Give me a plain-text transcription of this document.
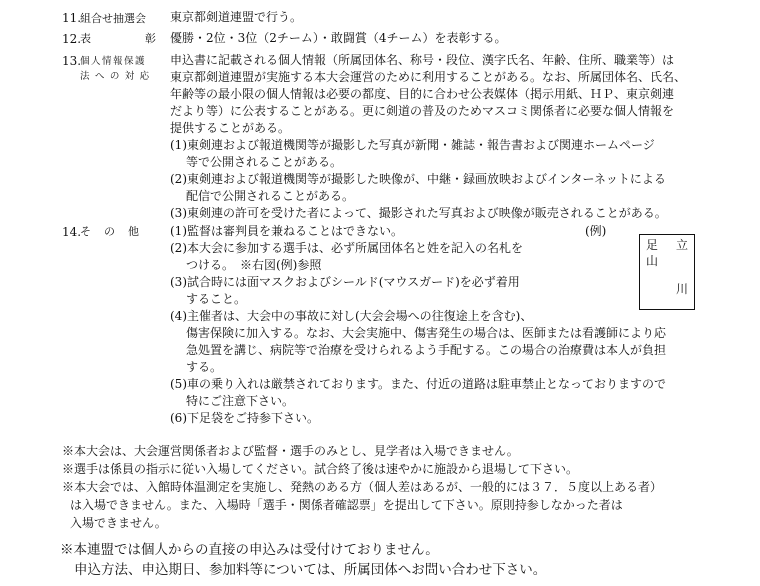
11.
組合せ抽選会 東京都剣道連盟で行う。
12.
表	彰 優勝・2位・3位（2チーム）・敢闘賞（4チーム）を表彰する。
13.
個人情報保護
法 へ の 対 応
申込書に記載される個人情報（所属団体名、称号・段位、漢字氏名、年齢、住所、職業等）は
東京都剣道連盟が実施する本大会運営のために利用することがある。なお、所属団体名、氏名、
年齢等の最小限の個人情報は必要の都度、目的に合わせ公表媒体（掲示用紙、ＨＰ、東京剣連
だより等）に公表することがある。更に剣道の普及のためマスコミ関係者に必要な個人情報を
提供することがある。
(1)東剣連および報道機関等が撮影した写真が新聞・雑誌・報告書および関連ホームページ
等で公開されることがある。
(2)東剣連および報道機関等が撮影した映像が、中継・録画放映およびインターネットによる
配信で公開されることがある。
(3)東剣連の許可を受けた者によって、撮影された写真および映像が販売されることがある。
14.
そ　の　他	(1)監督は審判員を兼ねることはできない。
(2)本大会に参加する選手は、必ず所属団体名と姓を記入の名札を
つける。　※右図(例)参照
(3)試合時には面マスクおよびシールド(マウスガード)を必ず着用
すること。
(4)主催者は、大会中の事故に対し(大会会場への往復途上を含む)、
傷害保険に加入する。なお、大会実施中、傷害発生の場合は、医師または看護師により応
急処置を講じ、病院等で治療を受けられるよう手配する。この場合の治療費は本人が負担
する。
(5)車の乗り入れは厳禁されております。また、付近の道路は駐車禁止となっておりますので
特にご注意下さい。
(6)下足袋をご持参下さい。
(例)
立
川
足
山
※本大会は、大会運営関係者および監督・選手のみとし、見学者は入場できません。
※選手は係員の指示に従い入場してください。試合終了後は速やかに施設から退場して下さい。
※本大会では、入館時体温測定を実施し、発熱のある方（個人差はあるが、一般的には３７．５度以上ある者）
は入場できません。また、入場時「選手・関係者確認票」を提出して下さい。原則持参しなかった者は
入場できません。
※本連盟では個人からの直接の申込みは受付けておりません。
申込方法、申込期日、参加料等については、所属団体へお問い合わせ下さい。
